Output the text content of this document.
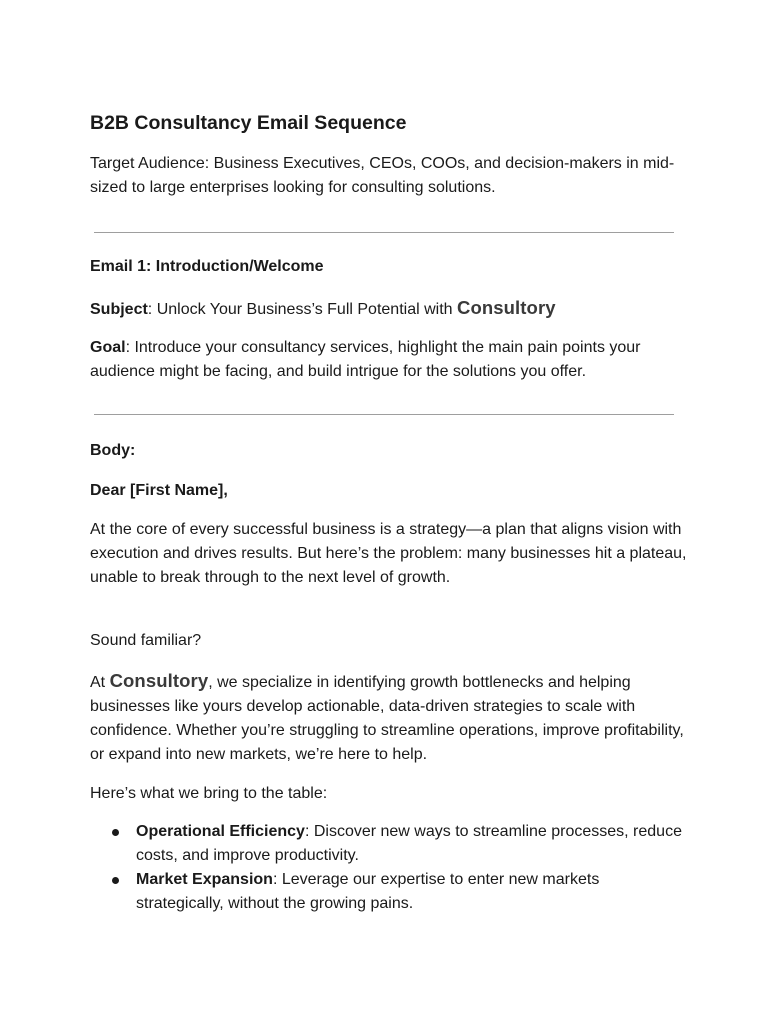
B2B Consultancy Email Sequence

Target Audience: Business Executives, CEOs, COOs, and decision-makers in mid-sized to large enterprises looking for consulting solutions.

Email 1: Introduction/Welcome

Subject: Unlock Your Business’s Full Potential with Consultory

Goal: Introduce your consultancy services, highlight the main pain points your audience might be facing, and build intrigue for the solutions you offer.

Body:

Dear [First Name],

At the core of every successful business is a strategy—a plan that aligns vision with execution and drives results. But here’s the problem: many businesses hit a plateau, unable to break through to the next level of growth.

Sound familiar?

At Consultory, we specialize in identifying growth bottlenecks and helping businesses like yours develop actionable, data-driven strategies to scale with confidence. Whether you’re struggling to streamline operations, improve profitability, or expand into new markets, we’re here to help.

Here’s what we bring to the table:

Operational Efficiency: Discover new ways to streamline processes, reduce costs, and improve productivity.
Market Expansion: Leverage our expertise to enter new markets strategically, without the growing pains.
